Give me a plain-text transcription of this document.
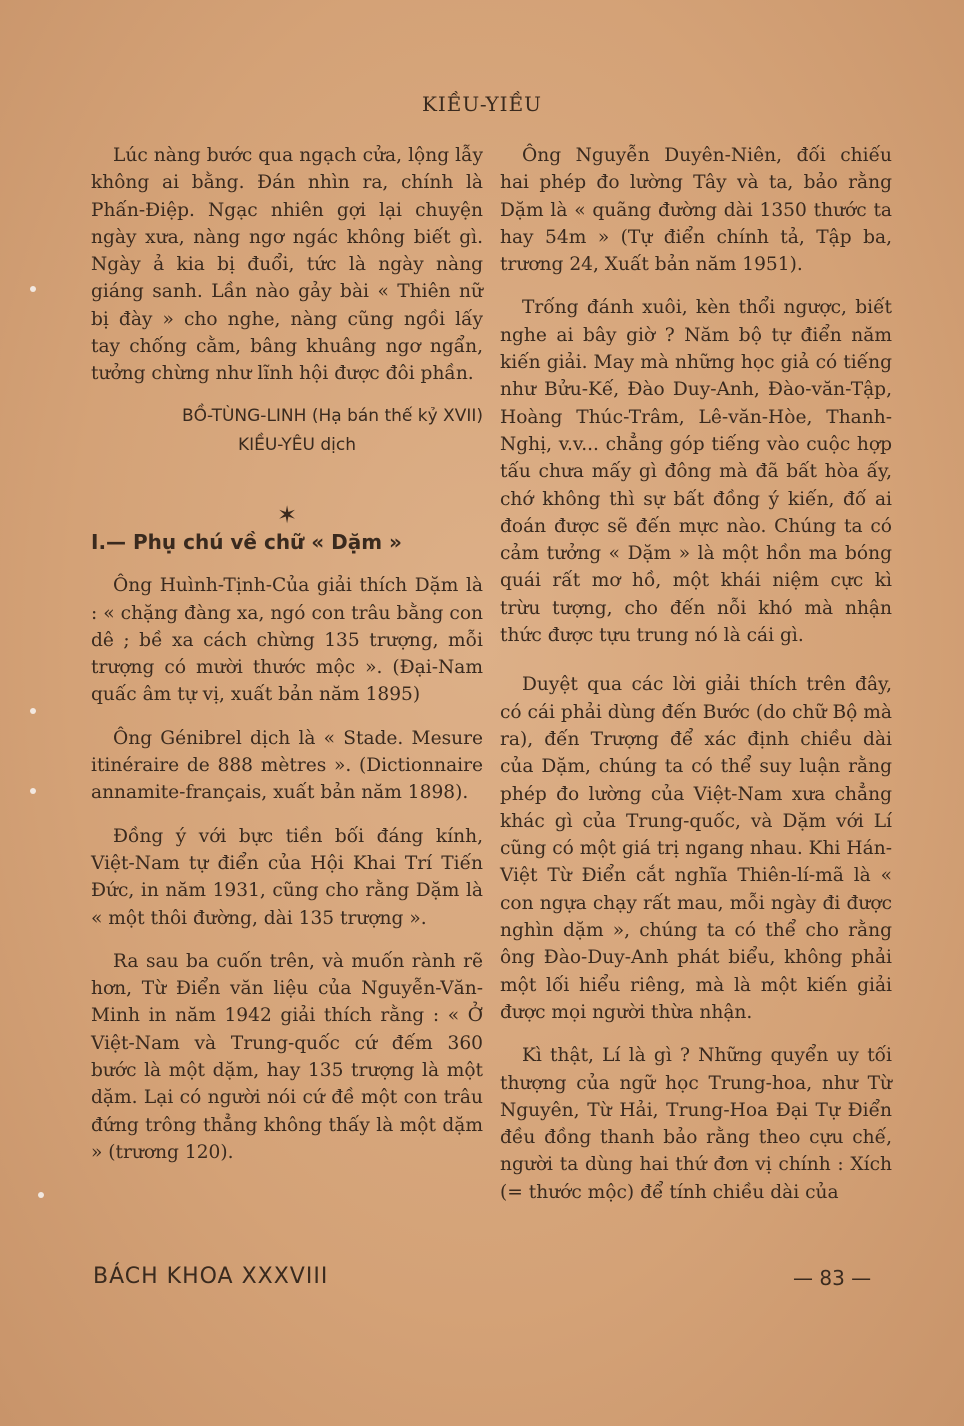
KIỀU-YIỀU

Lúc nàng bước qua ngạch cửa, lộng lẫy không ai bằng. Đán nhìn ra, chính là Phấn-Điệp. Ngạc nhiên gợi lại chuyện ngày xưa, nàng ngơ ngác không biết gì. Ngày ả kia bị đuổi, tức là ngày nàng giáng sanh. Lần nào gảy bài « Thiên nữ bị đày » cho nghe, nàng cũng ngồi lấy tay chống cằm, bâng khuâng ngơ ngẩn, tưởng chừng như lĩnh hội được đôi phần.

BỒ-TÙNG-LINH (Hạ bán thế kỷ XVII)
KIỀU-YÊU dịch
✶

I.— Phụ chú về chữ « Dặm »

Ông Huình-Tịnh-Của giải thích Dặm là : « chặng đàng xa, ngó con trâu bằng con dê ; bề xa cách chừng 135 trượng, mỗi trượng có mười thước mộc ». (Đại-Nam quấc âm tự vị, xuất bản năm 1895)

Ông Génibrel dịch là « Stade. Mesure itinéraire de 888 mètres ». (Dictionnaire annamite-français, xuất bản năm 1898).

Đồng ý với bực tiền bối đáng kính, Việt-Nam tự điển của Hội Khai Trí Tiến Đức, in năm 1931, cũng cho rằng Dặm là « một thôi đường, dài 135 trượng ».

Ra sau ba cuốn trên, và muốn rành rẽ hơn, Từ Điển văn liệu của Nguyễn-Văn-Minh in năm 1942 giải thích rằng : « Ở Việt-Nam và Trung-quốc cứ đếm 360 bước là một dặm, hay 135 trượng là một dặm. Lại có người nói cứ đề một con trâu đứng trông thẳng không thấy là một dặm » (trương 120).

Ông Nguyễn Duyên-Niên, đối chiếu hai phép đo lường Tây và ta, bảo rằng Dặm là « quãng đường dài 1350 thước ta hay 54m » (Tự điển chính tả, Tập ba, trương 24, Xuất bản năm 1951).

Trống đánh xuôi, kèn thổi ngược, biết nghe ai bây giờ ? Năm bộ tự điển năm kiến giải. May mà những học giả có tiếng như Bửu-Kế, Đào Duy-Anh, Đào-văn-Tập, Hoàng Thúc-Trâm, Lê-văn-Hòe, Thanh-Nghị, v.v... chẳng góp tiếng vào cuộc hợp tấu chưa mấy gì đông mà đã bất hòa ấy, chớ không thì sự bất đồng ý kiến, đố ai đoán được sẽ đến mực nào. Chúng ta có cảm tưởng « Dặm » là một hồn ma bóng quái rất mơ hồ, một khái niệm cực kì trừu tượng, cho đến nỗi khó mà nhận thức được tựu trung nó là cái gì.

Duyệt qua các lời giải thích trên đây, có cái phải dùng đến Bước (do chữ Bộ mà ra), đến Trượng để xác định chiều dài của Dặm, chúng ta có thể suy luận rằng phép đo lường của Việt-Nam xưa chẳng khác gì của Trung-quốc, và Dặm với Lí cũng có một giá trị ngang nhau. Khi Hán-Việt Từ Điển cắt nghĩa Thiên-lí-mã là « con ngựa chạy rất mau, mỗi ngày đi được nghìn dặm », chúng ta có thể cho rằng ông Đào-Duy-Anh phát biểu, không phải một lối hiểu riêng, mà là một kiến giải được mọi người thừa nhận.

Kì thật, Lí là gì ? Những quyển uy tối thượng của ngữ học Trung-hoa, như Từ Nguyên, Từ Hải, Trung-Hoa Đại Tự Điển đều đồng thanh bảo rằng theo cựu chế, người ta dùng hai thứ đơn vị chính : Xích (= thước mộc) để tính chiều dài của

BÁCH KHOA XXXVIII	— 83 —
